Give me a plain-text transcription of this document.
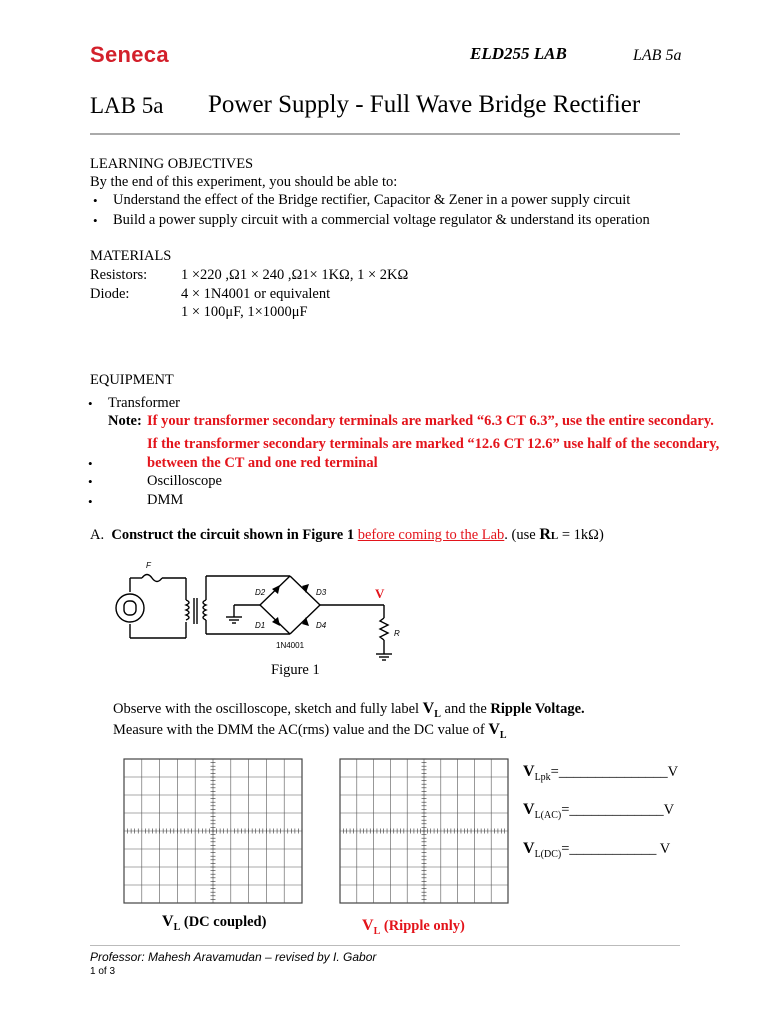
Seneca	ELD255 LAB	LAB 5a
LAB 5a Power Supply - Full Wave Bridge Rectifier
LEARNING OBJECTIVES
By the end of this experiment, you should be able to:
• Understand the effect of the Bridge rectifier, Capacitor & Zener in a power supply circuit
• Build a power supply circuit with a commercial voltage regulator & understand its operation
MATERIALS
Resistors: 1 ×220 ,Ω1 × 240 ,Ω1× 1KΩ, 1 × 2KΩ
Diode:	4 × 1N4001 or equivalent
1 × 100μF, 1×1000μF
EQUIPMENT
• Transformer
Note: If your transformer secondary terminals are marked “6.3 CT 6.3”, use the entire secondary.
If the transformer secondary terminals are marked “12.6 CT 12.6” use half of the secondary,
•	between the CT and one red terminal
•	Oscilloscope
•	DMM
A. Construct the circuit shown in Figure 1 before coming to the Lab. (use RL = 1kΩ)
F
D2	D3
D1	D4
R
1N4001
V
Figure 1
Observe with the oscilloscope, sketch and fully label $V_L$ and the Ripple Voltage.
Measure with the DMM the AC(rms) value and the DC value of $V_L$
$V_{Lpk}=\_\_\_\_\_\_\_\_\_\_\_\_\_\_\_V$
$V_{L(AC)}=\_\_\_\_\_\_\_\_\_\_\_\_\_V$
$V_{L(DC)}=\_\_\_\_\_\_\_\_\_\_\_\_$ V
$V_L$ (DC coupled)	$V_L$ (Ripple only)
Professor: Mahesh Aravamudan – revised by I. Gabor
1 of 3
